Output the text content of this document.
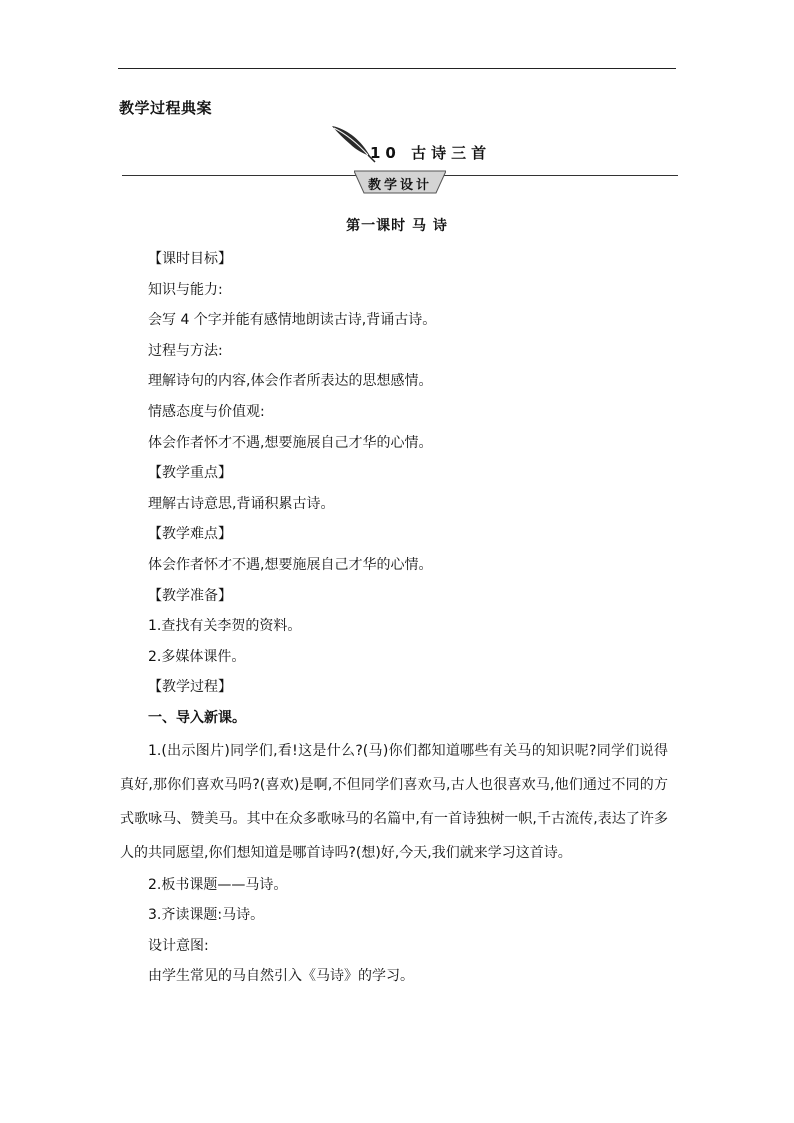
教学过程典案
10 古诗三首
教学设计
第一课时 马 诗
【课时目标】
知识与能力:
会写 4 个字并能有感情地朗读古诗,背诵古诗。
过程与方法:
理解诗句的内容,体会作者所表达的思想感情。
情感态度与价值观:
体会作者怀才不遇,想要施展自己才华的心情。
【教学重点】
理解古诗意思,背诵积累古诗。
【教学难点】
体会作者怀才不遇,想要施展自己才华的心情。
【教学准备】
1.查找有关李贺的资料。
2.多媒体课件。
【教学过程】
一、导入新课。
1.(出示图片)同学们,看!这是什么?(马)你们都知道哪些有关马的知识呢?同学们说得真好,那你们喜欢马吗?(喜欢)是啊,不但同学们喜欢马,古人也很喜欢马,他们通过不同的方式歌咏马、赞美马。其中在众多歌咏马的名篇中,有一首诗独树一帜,千古流传,表达了许多人的共同愿望,你们想知道是哪首诗吗?(想)好,今天,我们就来学习这首诗。
2.板书课题——马诗。
3.齐读课题:马诗。
设计意图:
由学生常见的马自然引入《马诗》的学习。
